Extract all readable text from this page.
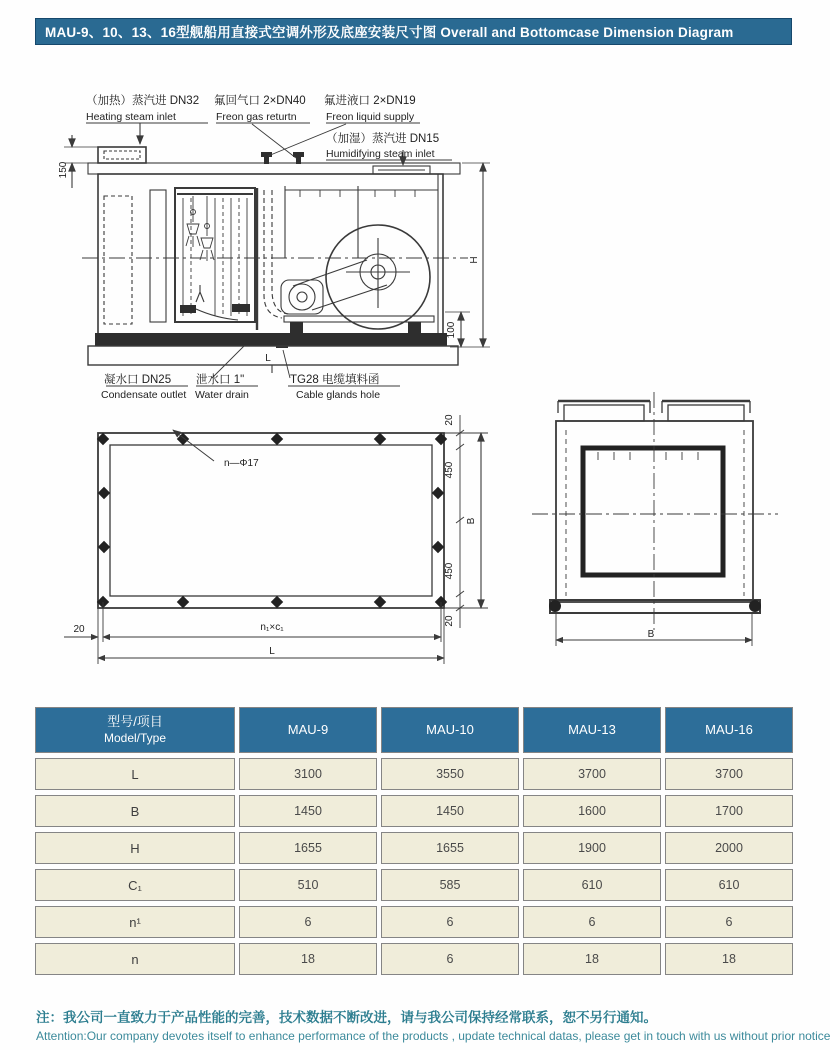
MAU-9、10、13、16型舰船用直接式空调外形及底座安装尺寸图 Overall and Bottomcase Dimension Diagram
（加热）蒸汽进 DN32
Heating steam inlet
氟回气口 2×DN40
Freon gas returtn
氟进液口 2×DN19
Freon liquid supply
（加湿）蒸汽进 DN15
Humidifying steam inlet
150
H
100
L
凝水口 DN25
Condensate outlet
泄水口 1"
Water drain
TG28 电缆填料函
Cable glands hole
n—Φ17
20
450
B
450
20
20	n₁×c₁
L
B
型号/项目
Model/Type
MAU-9	MAU-10	MAU-13	MAU-16
L	3100	3550	3700	3700
B	1450	1450	1600	1700
H	1655	1655	1900	2000
C₁	510	585	610	610
n¹	6	6	6	6
n	18	6	18	18

注：我公司一直致力于产品性能的完善，技术数据不断改进，请与我公司保持经常联系，恕不另行通知。

Attention:Our company devotes itself to enhance performance of the products , update technical datas, please get in touch with us without prior notice
